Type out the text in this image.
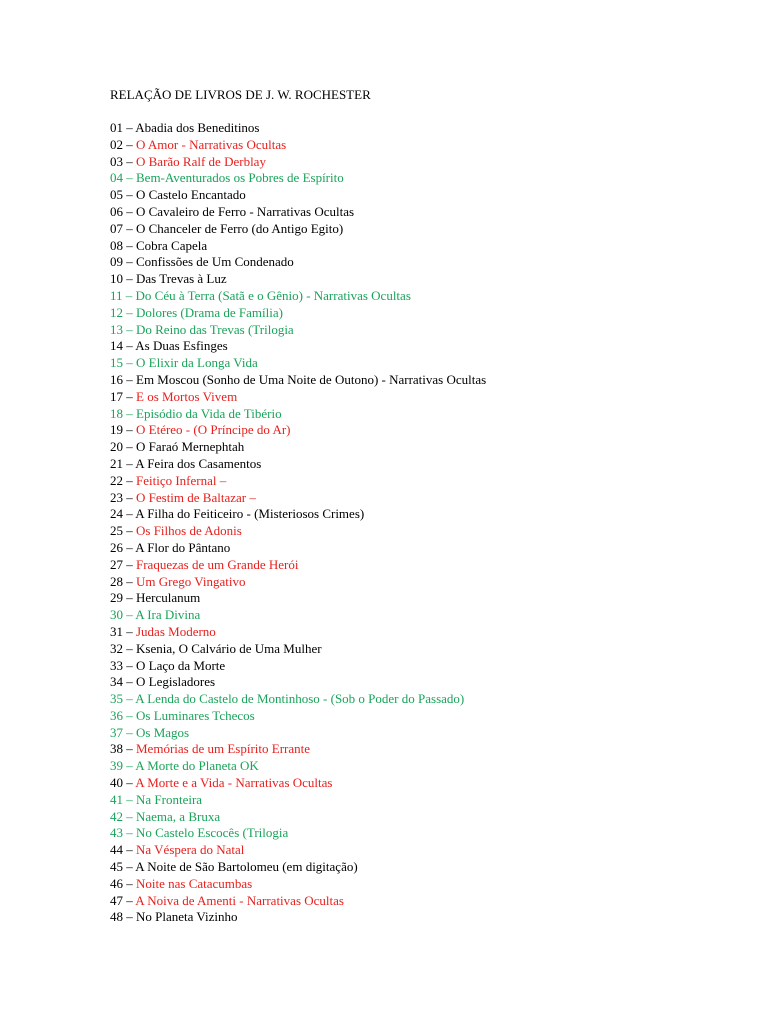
RELAÇÃO DE LIVROS DE J. W. ROCHESTER
01 – Abadia dos Beneditinos
02 – O Amor - Narrativas Ocultas
03 – O Barão Ralf de Derblay
04 – Bem-Aventurados os Pobres de Espírito
05 – O Castelo Encantado
06 – O Cavaleiro de Ferro - Narrativas Ocultas
07 – O Chanceler de Ferro (do Antigo Egito)
08 – Cobra Capela
09 – Confissões de Um Condenado
10 – Das Trevas à Luz
11 – Do Céu à Terra (Satã e o Gênio) - Narrativas Ocultas
12 – Dolores (Drama de Família)
13 – Do Reino das Trevas (Trilogia
14 – As Duas Esfinges
15 – O Elixir da Longa Vida
16 – Em Moscou (Sonho de Uma Noite de Outono) - Narrativas Ocultas
17 – E os Mortos Vivem
18 – Episódio da Vida de Tibério
19 – O Etéreo - (O Príncipe do Ar)
20 – O Faraó Mernephtah
21 – A Feira dos Casamentos
22 – Feitiço Infernal –
23 – O Festim de Baltazar –
24 – A Filha do Feiticeiro - (Misteriosos Crimes)
25 – Os Filhos de Adonis
26 – A Flor do Pântano
27 – Fraquezas de um Grande Herói
28 – Um Grego Vingativo
29 – Herculanum
30 – A Ira Divina
31 – Judas Moderno
32 – Ksenia, O Calvário de Uma Mulher
33 – O Laço da Morte
34 – O Legisladores
35 – A Lenda do Castelo de Montinhoso - (Sob o Poder do Passado)
36 – Os Luminares Tchecos
37 – Os Magos
38 – Memórias de um Espírito Errante
39 – A Morte do Planeta OK
40 – A Morte e a Vida - Narrativas Ocultas
41 – Na Fronteira
42 – Naema, a Bruxa
43 – No Castelo Escocês (Trilogia
44 – Na Véspera do Natal
45 – A Noite de São Bartolomeu (em digitação)
46 – Noite nas Catacumbas
47 – A Noiva de Amenti - Narrativas Ocultas
48 – No Planeta Vizinho
